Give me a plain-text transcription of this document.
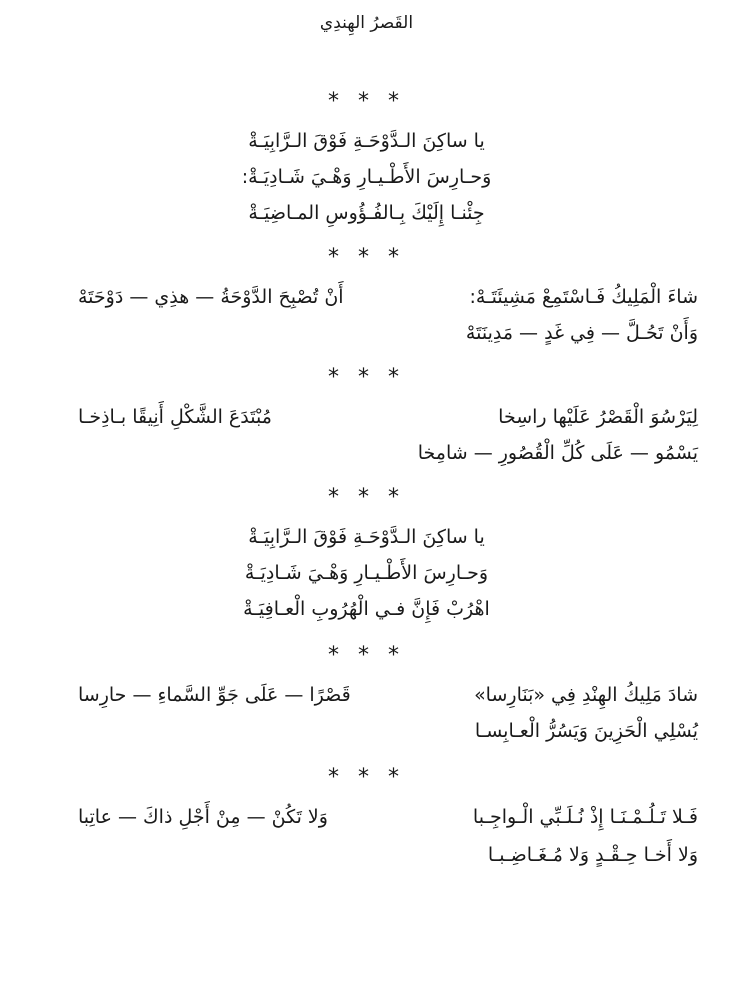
القَصرُ الهِندِي
* * *
يا ساكِنَ الـدَّوْحَـةِ فَوْقَ الـرَّابِيَـةْ
وَحـارِسَ الأَطْـيـارِ وَهْـيَ شَـادِيَـةْ:
جِئْنـا إِلَيْكَ بِـالفُـؤُوسِ المـاضِيَـةْ
* * *
شاءَ الْمَلِيكُ فَـاسْتَمِعْ مَشِيئَتَـهْ:
أَنْ تُصْبِحَ الدَّوْحَةُ — هذِي — دَوْحَتَهْ
وَأَنْ تَحُـلَّ — فِي غَدٍ — مَدِينَتَهْ
* * *
لِيَرْسُوَ الْقَصْرُ عَلَيْها راسِخا
مُبْتَدَعَ الشَّكْلِ أَنِيقًا بـاذِخـا
يَسْمُو — عَلَى كُلِّ الْقُصُورِ — شامِخا
* * *
يا ساكِنَ الـدَّوْحَـةِ فَوْقَ الـرَّابِيَـةْ
وَحـارِسَ الأَطْـيـارِ وَهْـيَ شَـادِيَـةْ
اهْرُبْ فَإِنَّ فـي الْهُرُوبِ الْعـافِيَـةْ
* * *
شادَ مَلِيكُ الهِنْدِ فِي «بَنَارِسا»
قَصْرًا — عَلَى جَوِّ السَّماءِ — حارِسا
يُسْلِي الْحَزِينَ وَيَسُرُّ الْعـابِسـا
* * *
فَـلا تَـلُـمْـنَـا إِذْ نُـلَـبِّي الْـواجِـبا
وَلا تَكُنْ — مِنْ أَجْلِ ذاكَ — عاتِبا
وَلا أَخـا حِـقْـدٍ وَلا مُـغَـاضِـبـا
